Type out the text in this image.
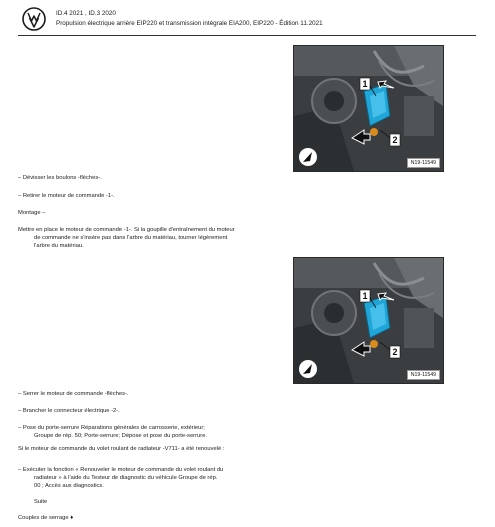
ID.4 2021 , ID.3 2020
Propulsion électrique arrière EIP220 et transmission intégrale EIA200, EIP220 - Édition 11.2021
1
2
N19-11549
1
2
N19-11549
– Dévisser les boulons -flèches-.
– Retirer le moteur de commande -1-.
Montage –
Mettre en place le moteur de commande -1-. Si la goupille d'entraînement du moteur
de commande ne s'insère pas dans l'arbre du matériau, tourner légèrement
l'arbre du matériau.
– Serrer le moteur de commande -flèches-.
– Brancher le connecteur électrique -2-.
– Pose du porte-serrure Réparations générales de carrosserie, extérieur;
Groupe de rép. 50; Porte-serrure; Dépose et pose du porte-serrure.
Si le moteur de commande du volet roulant de radiateur -V711- a été renouvelé :
– Exécuter la fonction « Renouveler le moteur de commande du volet roulant du
radiateur » à l'aide du Testeur de diagnostic du véhicule Groupe de rép.
00 ; Accès aux diagnostics.
Suite
Couples de serrage ♦
